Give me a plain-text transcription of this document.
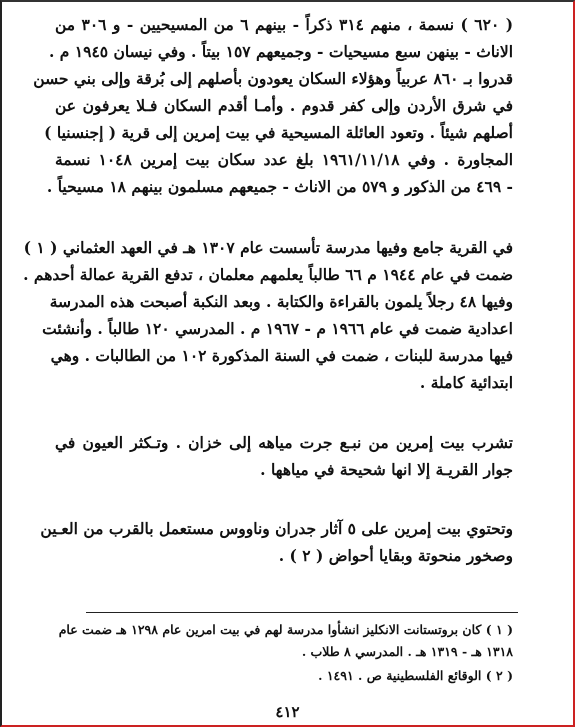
( ٦٢٠ ) نسمة ، منهم ٣١٤ ذكراً - بينهم ٦ من المسيحيين - و ٣٠٦ من
الاناث - بينهن سبع مسيحيات - وجميعهم ١٥٧ بيتاً . وفي نيسان ١٩٤٥ م .
قدروا بـ ٨٦٠ عربياً وهؤلاء السكان يعودون بأصلهم إلى بُرقة وإلى بني حسن
في شرق الأردن وإلى كفر قدوم . وأمـا أقدم السكان فـلا يعرفون عن
أصلهم شيئاً . وتعود العائلة المسيحية في بيت إمرين إلى قرية ( إجنسنيا )
المجاورة . وفي ١٩٦١/١١/١٨ بلغ عدد سكان بيت إمرين ١٠٤٨ نسمة
- ٤٦٩ من الذكور و ٥٧٩ من الاناث - جميعهم مسلمون بينهم ١٨ مسيحياً .
في القرية جامع وفيها مدرسة تأسست عام ١٣٠٧ هـ في العهد العثماني ( ١ )
ضمت في عام ١٩٤٤ م ٦٦ طالباً يعلمهم معلمان ، تدفع القرية عمالة أحدهم .
وفيها ٤٨ رجلاً يلمون بالقراءة والكتابة . وبعد النكبة أصبحت هذه المدرسة
اعدادية ضمت في عام ١٩٦٦ م - ١٩٦٧ م . المدرسي ١٢٠ طالباً . وأنشئت
فيها مدرسة للبنات ، ضمت في السنة المذكورة ١٠٢ من الطالبات . وهي
ابتدائية كاملة .
تشرب بيت إمرين من نبـع جرت مياهه إلى خزان . وتـكثر العيون في
جوار القريـة إلا انها شحيحة في مياهها .
وتحتوي بيت إمرين على ٥ آثار جدران وناووس مستعمل بالقرب من العـين
وصخور منحوتة وبقايا أحواض ( ٢ ) .
( ١ ) كان بروتستانت الانكليز انشأوا مدرسة لهم في بيت امرين عام ١٢٩٨ هـ ضمت عام
١٣١٨ هـ - ١٣١٩ هـ . المدرسي ٨ طلاب .
( ٢ ) الوقائع الفلسطينية ص . ١٤٩١ .
٤١٢
